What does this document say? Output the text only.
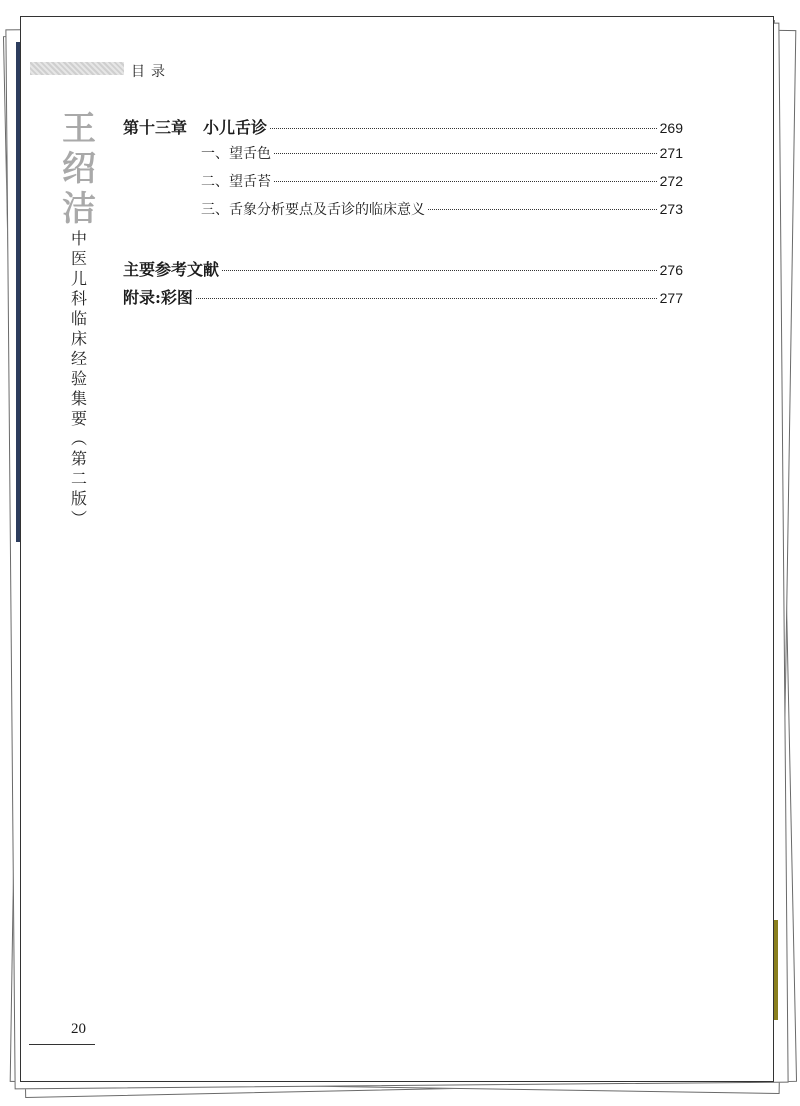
目录
王
绍
洁
中
医
儿
科
临
床
经
验
集
要
︵
第
二
版
︶
第十三章　小儿舌诊	269
一、望舌色	271
二、望舌苔	272
三、舌象分析要点及舌诊的临床意义	273
主要参考文献	276
附录:彩图	277
20
